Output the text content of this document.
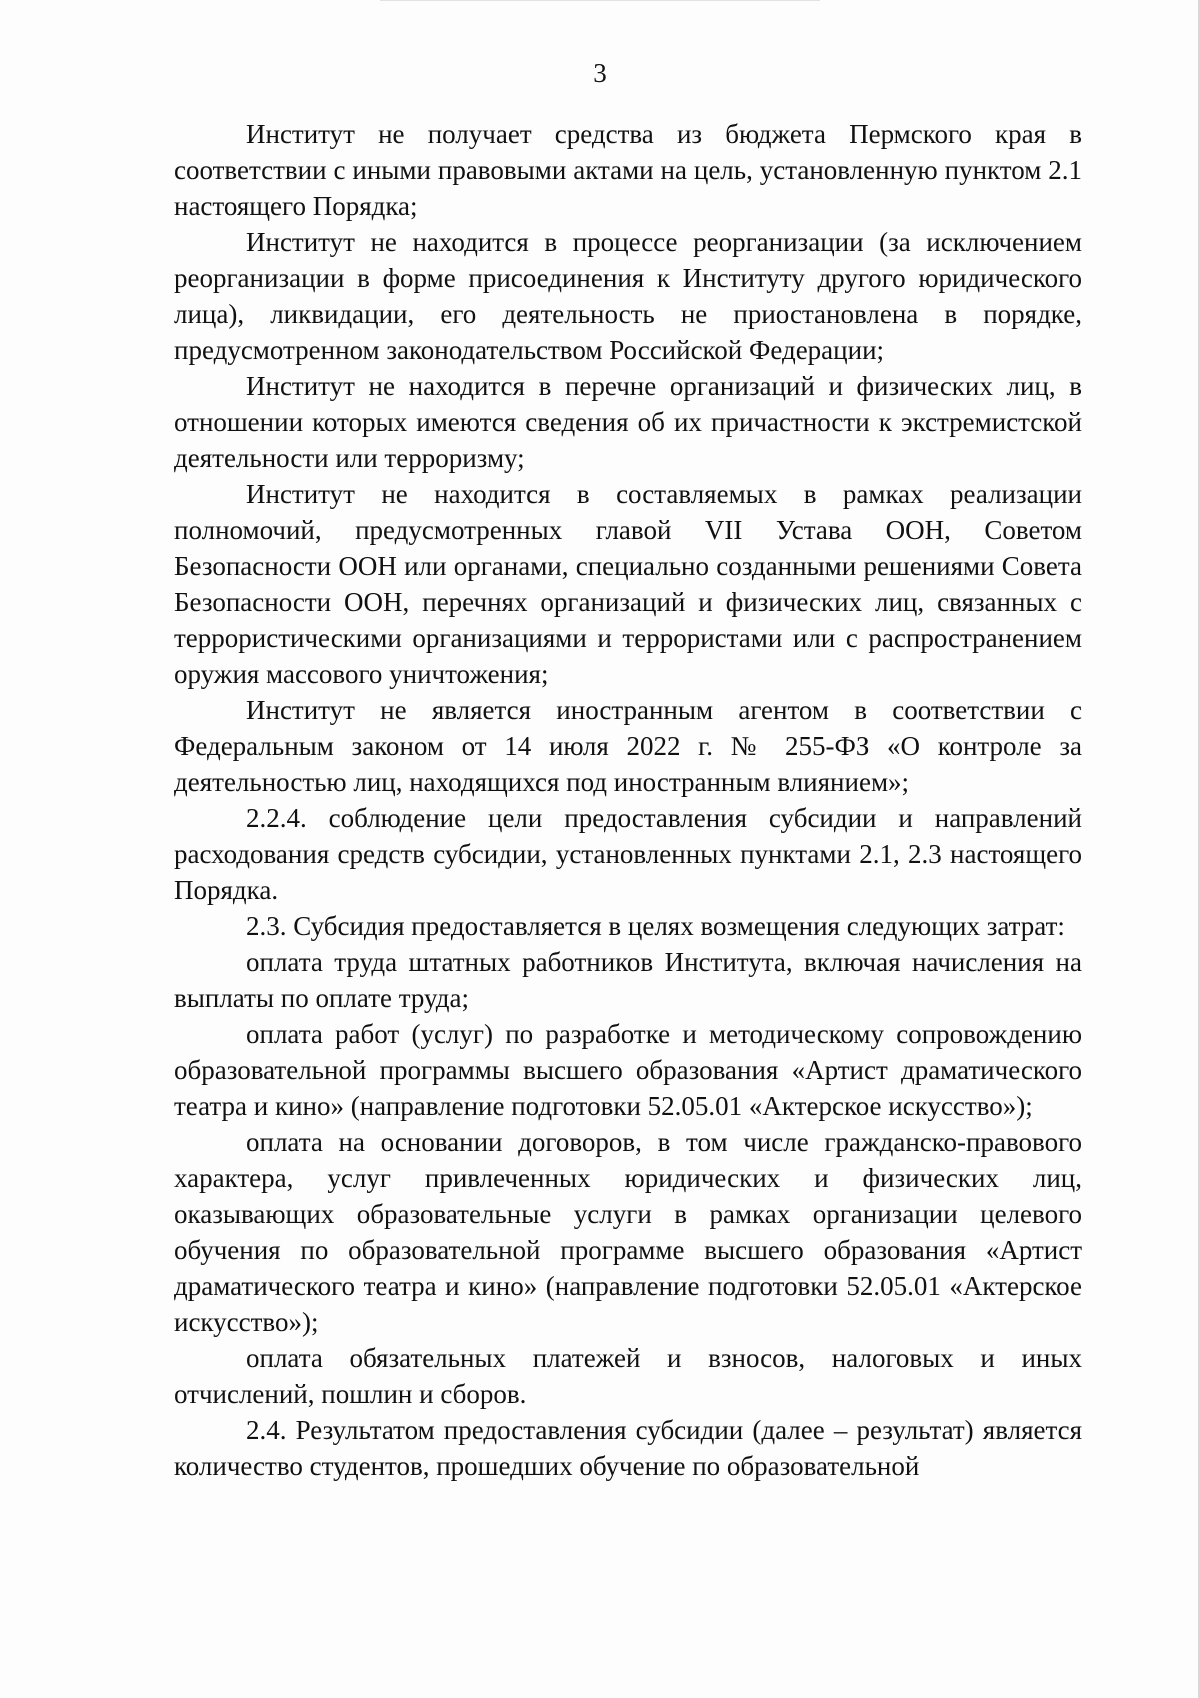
3

Институт не получает средства из бюджета Пермского края в соответствии с иными правовыми актами на цель, установленную пунктом 2.1 настоящего Порядка;

Институт не находится в процессе реорганизации (за исключением реорганизации в форме присоединения к Институту другого юридического лица), ликвидации, его деятельность не приостановлена в порядке, предусмотренном законодательством Российской Федерации;

Институт не находится в перечне организаций и физических лиц, в отношении которых имеются сведения об их причастности к экстремистской деятельности или терроризму;

Институт не находится в составляемых в рамках реализации полномочий, предусмотренных главой VII Устава ООН, Советом Безопасности ООН или органами, специально созданными решениями Совета Безопасности ООН, перечнях организаций и физических лиц, связанных с террористическими организациями и террористами или с распространением оружия массового уничтожения;

Институт не является иностранным агентом в соответствии с Федеральным законом от 14 июля 2022 г. № 255-ФЗ «О контроле за деятельностью лиц, находящихся под иностранным влиянием»;

2.2.4. соблюдение цели предоставления субсидии и направлений расходования средств субсидии, установленных пунктами 2.1, 2.3 настоящего Порядка.

2.3. Субсидия предоставляется в целях возмещения следующих затрат:

оплата труда штатных работников Института, включая начисления на выплаты по оплате труда;

оплата работ (услуг) по разработке и методическому сопровождению образовательной программы высшего образования «Артист драматического театра и кино» (направление подготовки 52.05.01 «Актерское искусство»);

оплата на основании договоров, в том числе гражданско-правового характера, услуг привлеченных юридических и физических лиц, оказывающих образовательные услуги в рамках организации целевого обучения по образовательной программе высшего образования «Артист драматического театра и кино» (направление подготовки 52.05.01 «Актерское искусство»);

оплата обязательных платежей и взносов, налоговых и иных отчислений, пошлин и сборов.

2.4. Результатом предоставления субсидии (далее – результат) является количество студентов, прошедших обучение по образовательной
